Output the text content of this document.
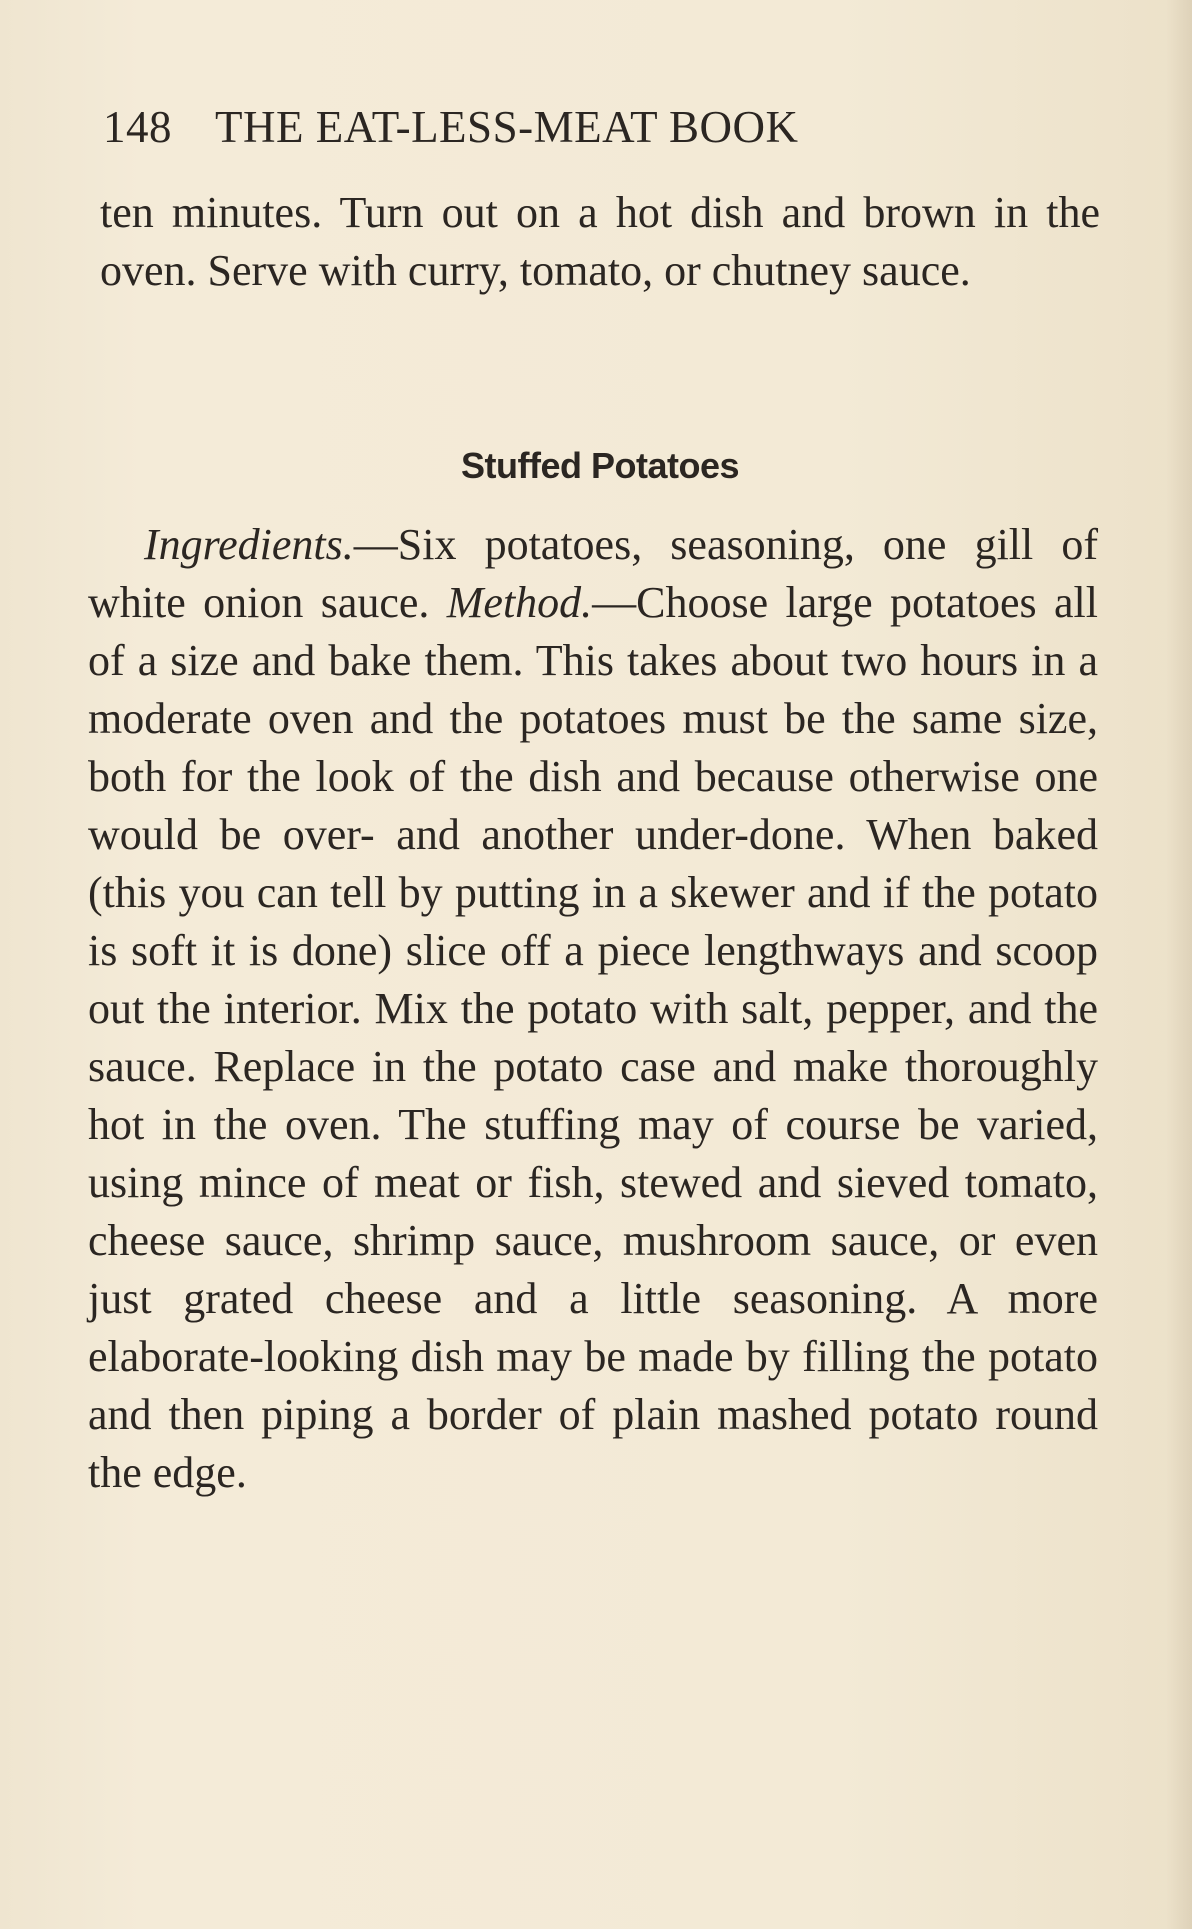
148 THE EAT-LESS-MEAT BOOK
ten minutes. Turn out on a hot dish and brown in the oven. Serve with curry, tomato, or chutney sauce.
Stuffed Potatoes
Ingredients.—Six potatoes, seasoning, one gill of white onion sauce. Method.—Choose large potatoes all of a size and bake them. This takes about two hours in a moderate oven and the potatoes must be the same size, both for the look of the dish and because otherwise one would be over- and another under-done. When baked (this you can tell by putting in a skewer and if the potato is soft it is done) slice off a piece lengthways and scoop out the interior. Mix the potato with salt, pepper, and the sauce. Replace in the potato case and make thoroughly hot in the oven. The stuffing may of course be varied, using mince of meat or fish, stewed and sieved tomato, cheese sauce, shrimp sauce, mushroom sauce, or even just grated cheese and a little seasoning. A more elaborate-looking dish may be made by filling the potato and then piping a border of plain mashed potato round the edge.
